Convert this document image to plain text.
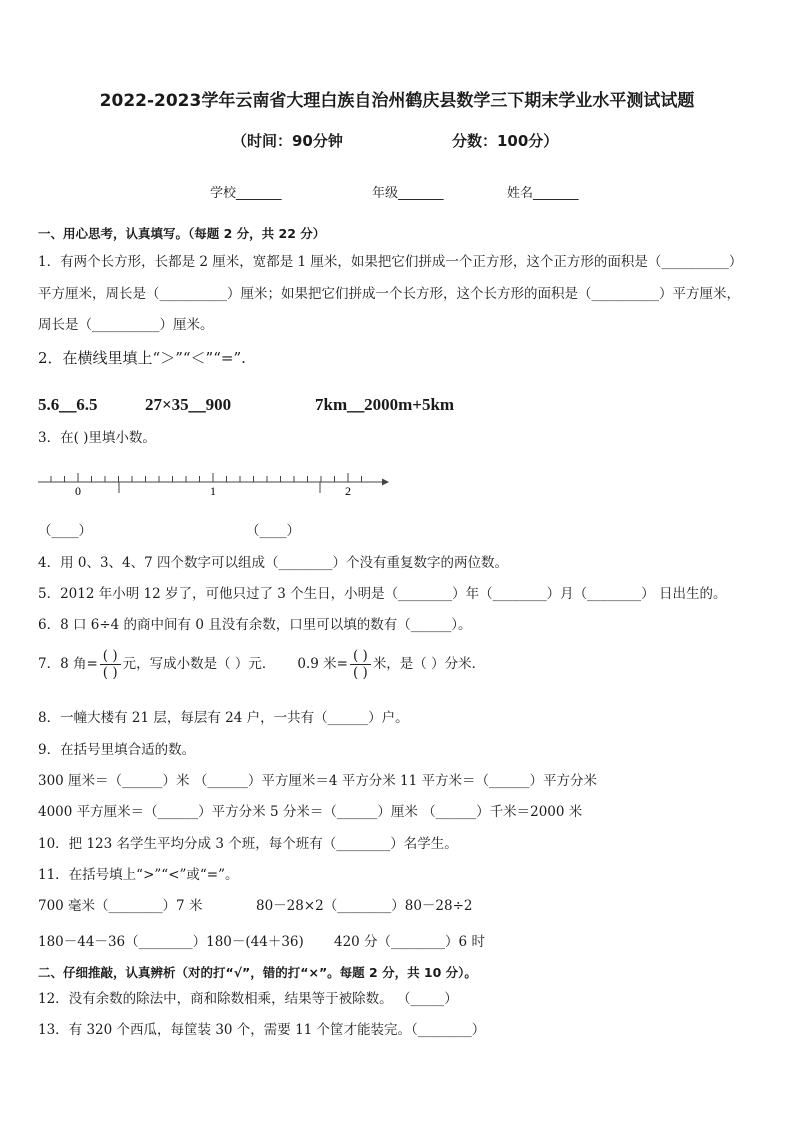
2022-2023学年云南省大理白族自治州鹤庆县数学三下期末学业水平测试试题
（时间：90分钟	分数：100分）
学校_______	年级_______	姓名_______
一、用心思考，认真填写。（每题 2 分，共 22 分）
1．有两个长方形，长都是 2 厘米，宽都是 1 厘米，如果把它们拼成一个正方形，这个正方形的面积是（__________）
平方厘米，周长是（__________）厘米；如果把它们拼成一个长方形，这个长方形的面积是（__________）平方厘米，
周长是（__________）厘米。
2．在横线里填上“＞”“＜”“=”.
5.6＿6.5	27×35＿900	7km＿2000m+5km
3．在( )里填小数。
0	1	2
（____）	（____）
4．用 0、3、4、7 四个数字可以组成（________）个没有重复数字的两位数。
5．2012 年小明 12 岁了，可他只过了 3 个生日，小明是（________）年（________）月（________） 日出生的。
6．8 口 6÷4 的商中间有 0 且没有余数，口里可以填的数有（______）。
7．8 角= $\frac{( )}{( )}$ 元，写成小数是（ ）元． 0.9 米= $\frac{( )}{( )}$ 米，是（ ）分米．
8．一幢大楼有 21 层，每层有 24 户，一共有（______）户。
9．在括号里填合适的数。
300 厘米＝（______）米 （______）平方厘米＝4 平方分米 11 平方米＝（______）平方分米
4000 平方厘米＝（______）平方分米 5 分米＝（______）厘米 （______）千米＝2000 米
10．把 123 名学生平均分成 3 个班，每个班有（________）名学生。
11．在括号填上“>”“<”或“=”。
700 毫米（________）7 米	80－28×2（________）80－28÷2
180－44－36（________）180－(44＋36) 420 分（________）6 时
二、仔细推敲，认真辨析（对的打“√”，错的打“×”。每题 2 分，共 10 分）。
12．没有余数的除法中，商和除数相乘，结果等于被除数。 （_____）
13．有 320 个西瓜，每筐装 30 个，需要 11 个筐才能装完。（________）
